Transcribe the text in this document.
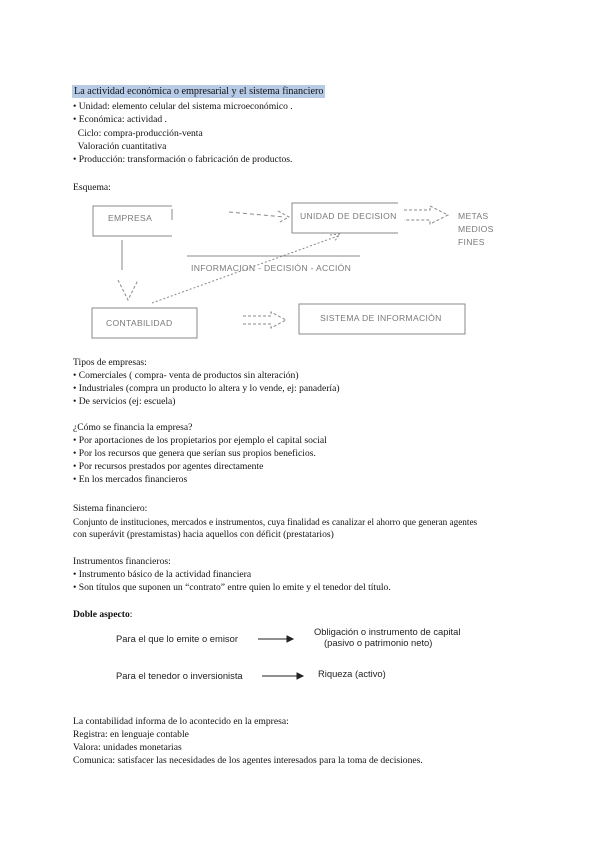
La actividad económica o empresarial y el sistema financiero
• Unidad: elemento celular del sistema microeconómico .
• Económica: actividad .
Ciclo: compra-producción-venta
Valoración cuantitativa
• Producción: transformación o fabricación de productos.
Esquema:
EMPRESA	UNIDAD DE DECISION	METAS
MEDIOS
FINES
INFORMACION - DECISIÓN - ACCIÓN
CONTABILIDAD	SISTEMA DE INFORMACIÓN
Tipos de empresas:
• Comerciales ( compra- venta de productos sin alteración)
• Industriales (compra un producto lo altera y lo vende, ej: panadería)
• De servicios (ej: escuela)
¿Cómo se financia la empresa?
• Por aportaciones de los propietarios por ejemplo el capital social
• Por los recursos que genera que serían sus propios beneficios.
• Por recursos prestados por agentes directamente
• En los mercados financieros
Sistema financiero:
Conjunto de instituciones, mercados e instrumentos, cuya finalidad es canalizar el ahorro que generan agentes
con superávit (prestamistas) hacia aquellos con déficit (prestatarios)
Instrumentos financieros:
• Instrumento básico de la actividad financiera
• Son títulos que suponen un “contrato” entre quien lo emite y el tenedor del título.
Doble aspecto:
Para el que lo emite o emisor
Obligación o instrumento de capital
(pasivo o patrimonio neto)
Para el tenedor o inversionista	Riqueza (activo)
La contabilidad informa de lo acontecido en la empresa:
Registra: en lenguaje contable
Valora: unidades monetarias
Comunica: satisfacer las necesidades de los agentes interesados para la toma de decisiones.
